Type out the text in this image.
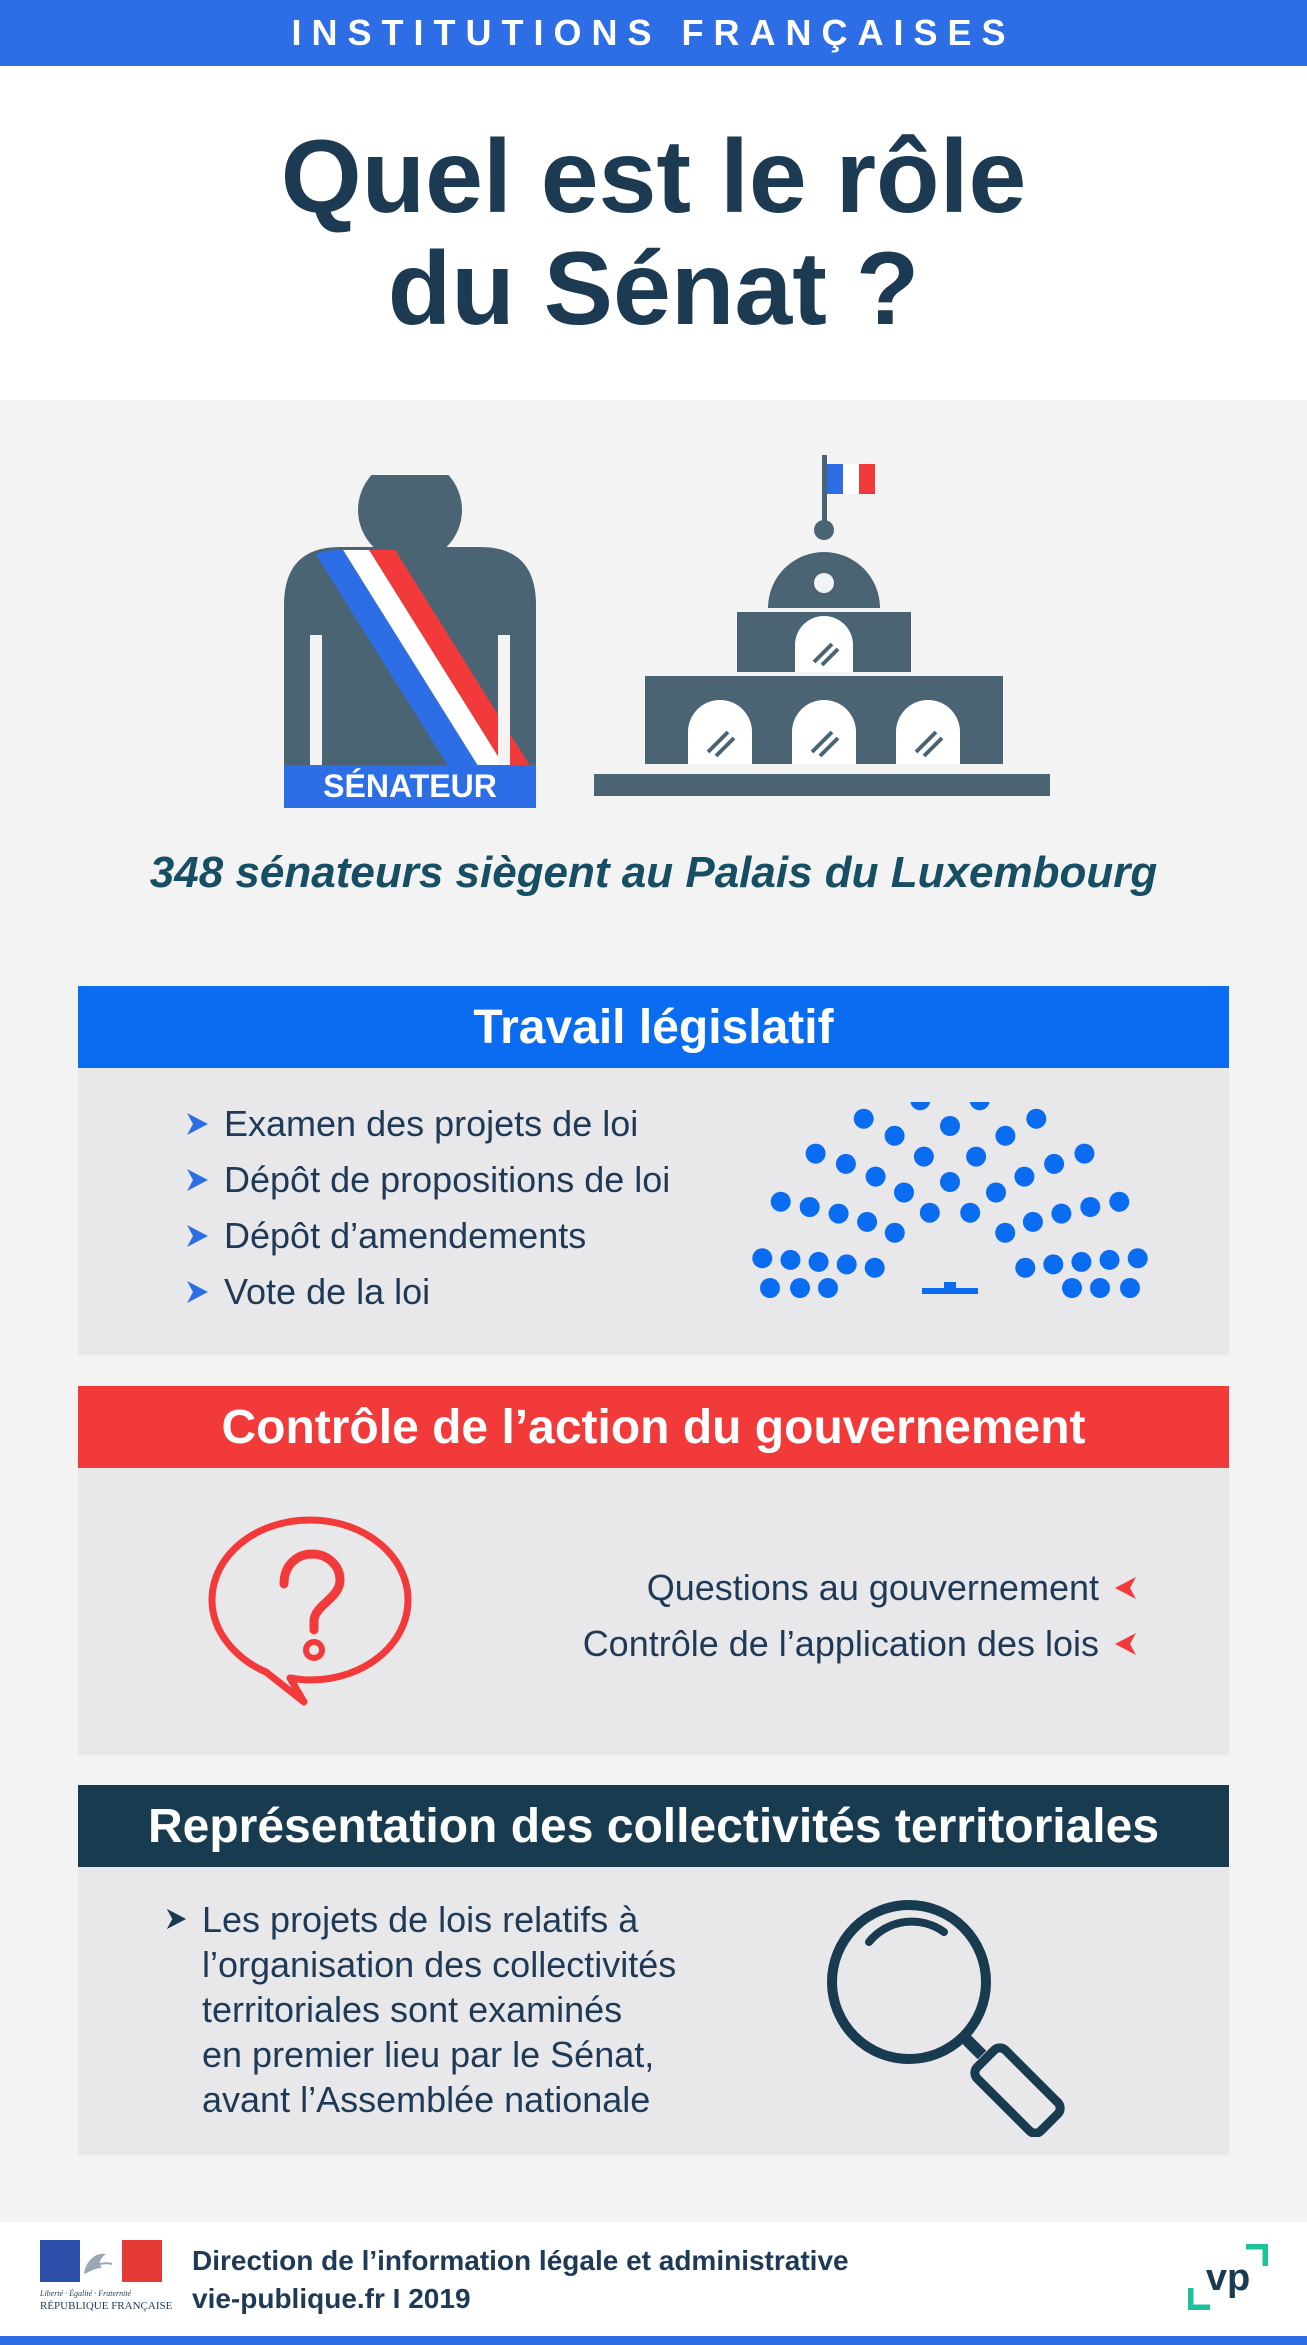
INSTITUTIONS FRANÇAISES
Quel est le rôle
du Sénat ?
SÉNATEUR
348 sénateurs siègent au Palais du Luxembourg
Travail législatif
Examen des projets de loi
Dépôt de propositions de loi
Dépôt d’amendements
Vote de la loi
Contrôle de l’action du gouvernement
Questions au gouvernement
Contrôle de l’application des lois
Représentation des collectivités territoriales
Les projets de lois relatifs à
l’organisation des collectivités
territoriales sont examinés
en premier lieu par le Sénat,
avant l’Assemblée nationale
Liberté · Égalité · Fraternité
RÉPUBLIQUE FRANÇAISE
Direction de l’information légale et administrative
vie-publique.fr I 2019	vp
